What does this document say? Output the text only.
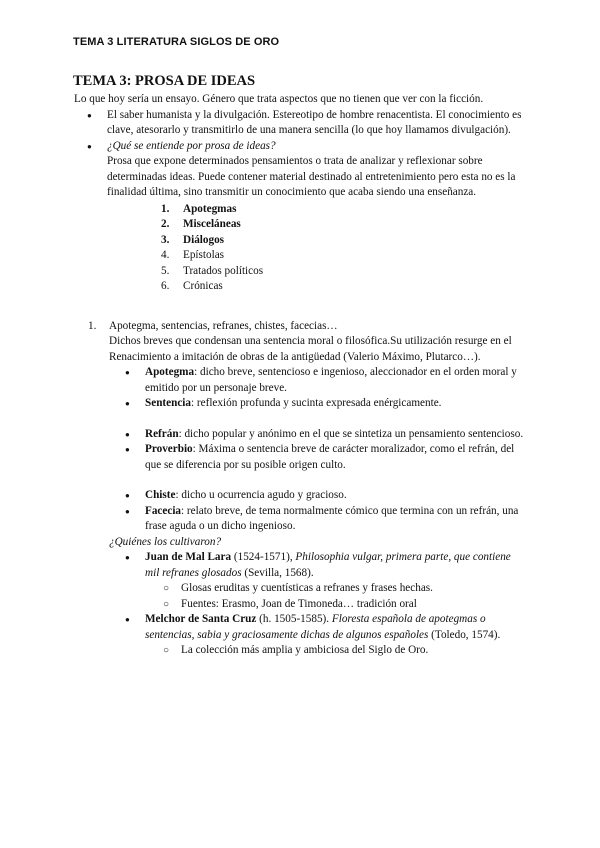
TEMA 3 LITERATURA SIGLOS DE ORO
TEMA 3: PROSA DE IDEAS

Lo que hoy sería un ensayo. Género que trata aspectos que no tienen que ver con la ficción.

● El saber humanista y la divulgación. Estereotipo de hombre renacentista. El conocimiento es clave, atesorarlo y transmitirlo de una manera sencilla (lo que hoy llamamos divulgación).

● ¿Qué se entiende por prosa de ideas?

Prosa que expone determinados pensamientos o trata de analizar y reflexionar sobre determinadas ideas. Puede contener material destinado al entretenimiento pero esta no es la finalidad última, sino transmitir un conocimiento que acaba siendo una enseñanza.

1. Apotegmas
2. Misceláneas
3. Diálogos
4. Epístolas
5. Tratados políticos
6. Crónicas

1. Apotegma, sentencias, refranes, chistes, facecias…

Dichos breves que condensan una sentencia moral o filosófica.Su utilización resurge en el Renacimiento a imitación de obras de la antigüedad (Valerio Máximo, Plutarco…).

● Apotegma: dicho breve, sentencioso e ingenioso, aleccionador en el orden moral y emitido por un personaje breve.

● Sentencia: reflexión profunda y sucinta expresada enérgicamente.

● Refrán: dicho popular y anónimo en el que se sintetiza un pensamiento sentencioso.

● Proverbio: Máxima o sentencia breve de carácter moralizador, como el refrán, del que se diferencia por su posible origen culto.

● Chiste: dicho u ocurrencia agudo y gracioso.

● Facecia: relato breve, de tema normalmente cómico que termina con un refrán, una frase aguda o un dicho ingenioso.

¿Quiénes los cultivaron?

● Juan de Mal Lara (1524-1571), Philosophia vulgar, primera parte, que contiene mil refranes glosados (Sevilla, 1568).

○ Glosas eruditas y cuentísticas a refranes y frases hechas.

○ Fuentes: Erasmo, Joan de Timoneda… tradición oral

● Melchor de Santa Cruz (h. 1505-1585). Floresta española de apotegmas o sentencias, sabia y graciosamente dichas de algunos españoles (Toledo, 1574).

○ La colección más amplia y ambiciosa del Siglo de Oro.
